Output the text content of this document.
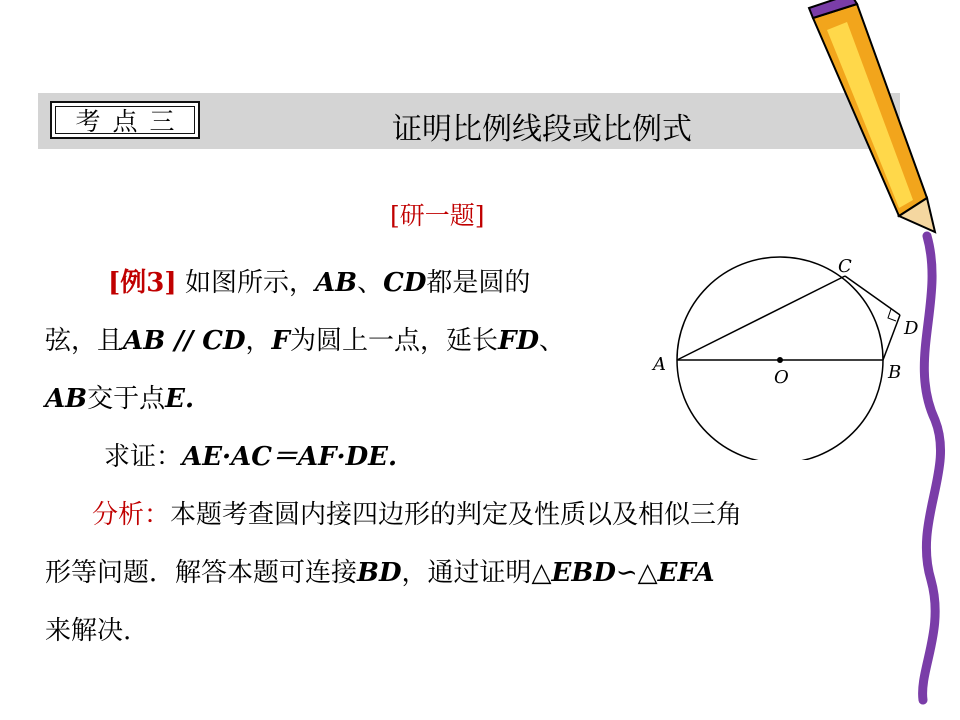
考点三	证明比例线段或比例式
[研一题]
[例3] 如图所示，AB、CD都是圆的
弦，且AB // CD，F为圆上一点，延长FD、
AB交于点E.
求证：AE·AC＝AF·DE.
分析：本题考查圆内接四边形的判定及性质以及相似三角
形等问题．解答本题可连接BD，通过证明△EBD∽△EFA
来解决.
A	B
C
D
O
